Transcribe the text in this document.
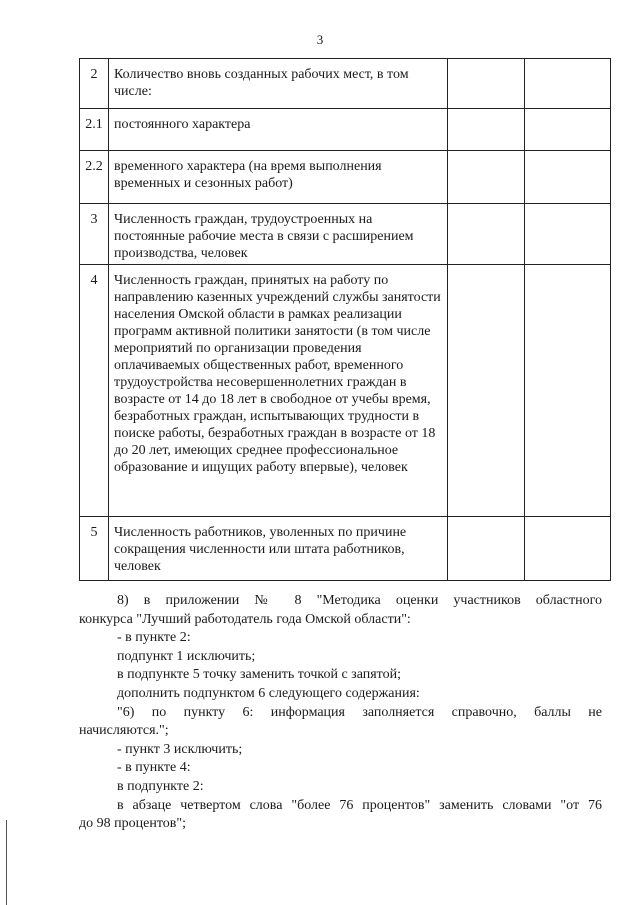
3
2	Количество вновь созданных рабочих мест, в том числе:		
2.1	постоянного характера		
2.2	временного характера (на время выполнения временных и сезонных работ)		
3	Численность граждан, трудоустроенных на постоянные рабочие места в связи с расширением производства, человек		
4	Численность граждан, принятых на работу по направлению казенных учреждений службы занятости населения Омской области в рамках реализации программ активной политики занятости (в том числе мероприятий по организации проведения оплачиваемых общественных работ, временного трудоустройства несовершеннолетних граждан в возрасте от 14 до 18 лет в свободное от учебы время, безработных граждан, испытывающих трудности в поиске работы, безработных граждан в возрасте от 18 до 20 лет, имеющих среднее профессиональное образование и ищущих работу впервые), человек		
5	Численность работников, уволенных по причине сокращения численности или штата работников, человек		

8) в приложении № 8 "Методика оценки участников областного

конкурса "Лучший работодатель года Омской области":

- в пункте 2:

подпункт 1 исключить;

в подпункте 5 точку заменить точкой с запятой;

дополнить подпунктом 6 следующего содержания:

"6) по пункту 6: информация заполняется справочно, баллы не

начисляются.";

- пункт 3 исключить;

- в пункте 4:

в подпункте 2:

в абзаце четвертом слова "более 76 процентов" заменить словами "от 76

до 98 процентов";
